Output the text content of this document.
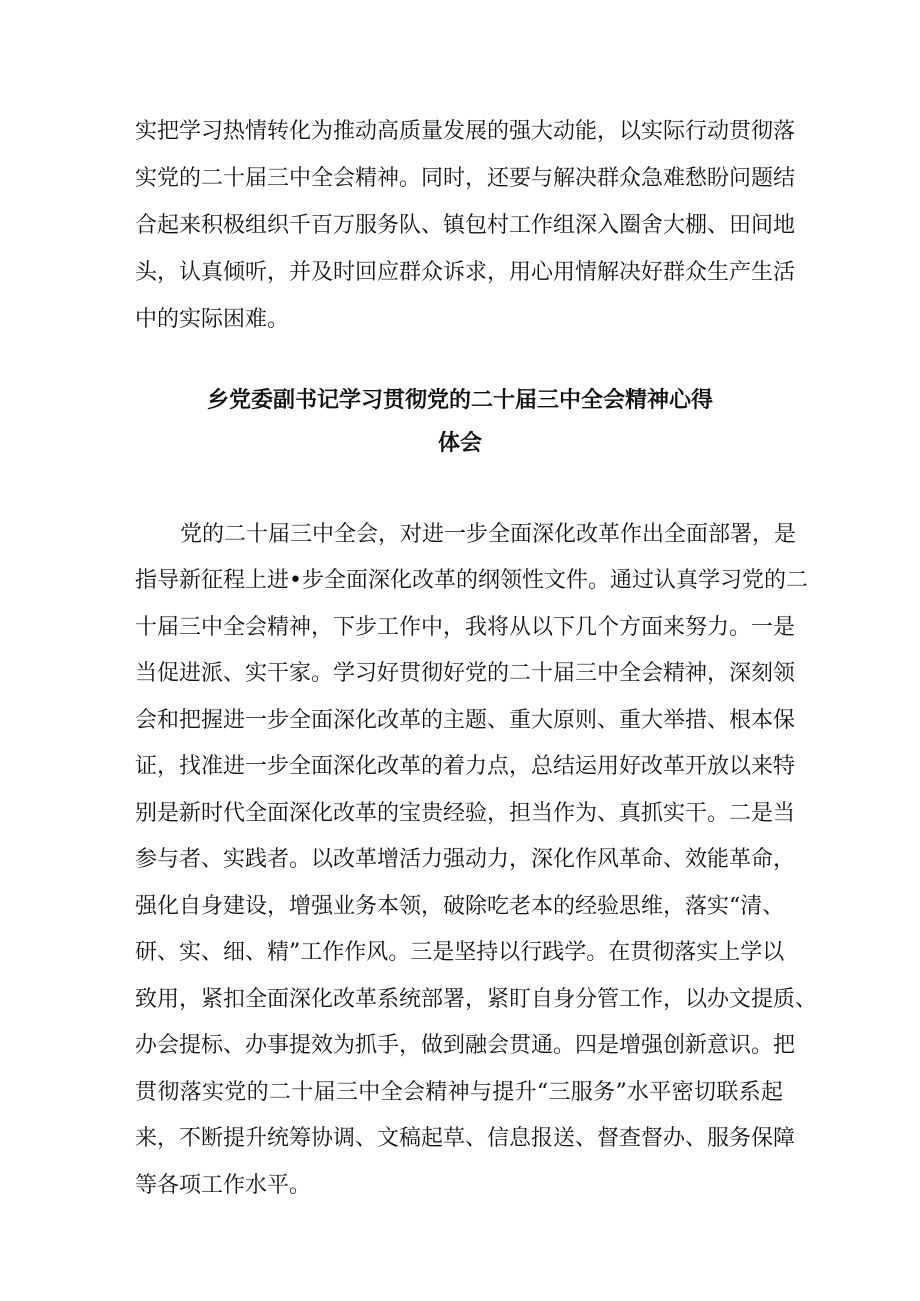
实把学习热情转化为推动高质量发展的强大动能，以实际行动贯彻落
实党的二十届三中全会精神。同时，还要与解决群众急难愁盼问题结
合起来积极组织千百万服务队、镇包村工作组深入圈舍大棚、田间地
头，认真倾听，并及时回应群众诉求，用心用情解决好群众生产生活
中的实际困难。
乡党委副书记学习贯彻党的二十届三中全会精神心得
体会
党的二十届三中全会，对进一步全面深化改革作出全面部署，是
指导新征程上进•步全面深化改革的纲领性文件。通过认真学习党的二
十届三中全会精神，下步工作中，我将从以下几个方面来努力。一是
当促进派、实干家。学习好贯彻好党的二十届三中全会精神，深刻领
会和把握进一步全面深化改革的主题、重大原则、重大举措、根本保
证，找准进一步全面深化改革的着力点，总结运用好改革开放以来特
别是新时代全面深化改革的宝贵经验，担当作为、真抓实干。二是当
参与者、实践者。以改革增活力强动力，深化作风革命、效能革命，
强化自身建设，增强业务本领，破除吃老本的经验思维，落实“清、
研、实、细、精”工作作风。三是坚持以行践学。在贯彻落实上学以
致用，紧扣全面深化改革系统部署，紧盯自身分管工作，以办文提质、
办会提标、办事提效为抓手，做到融会贯通。四是增强创新意识。把
贯彻落实党的二十届三中全会精神与提升“三服务”水平密切联系起
来，不断提升统筹协调、文稿起草、信息报送、督查督办、服务保障
等各项工作水平。
